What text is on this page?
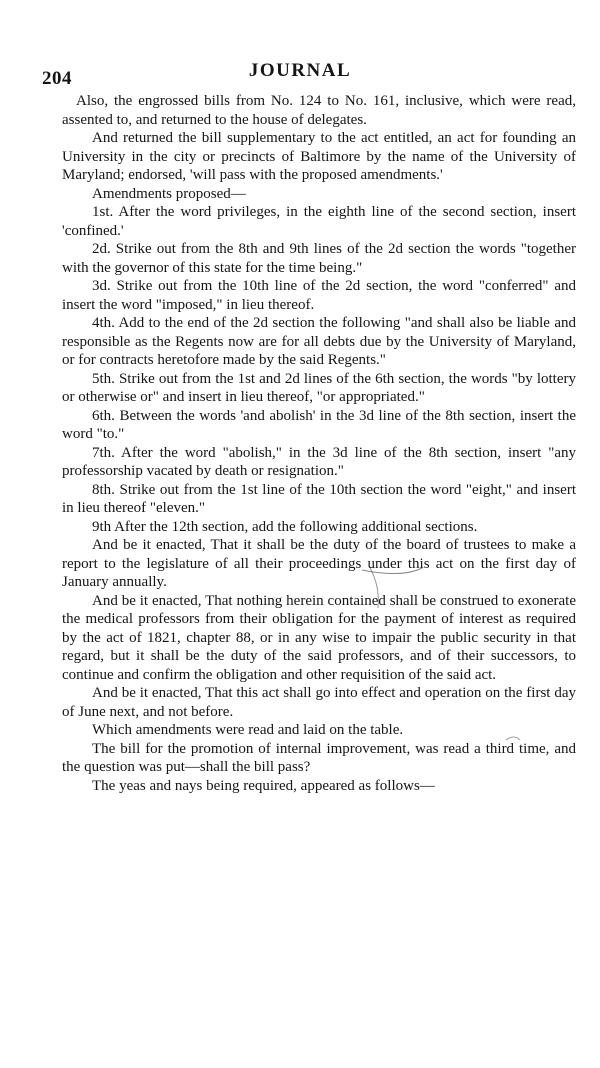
204	JOURNAL

Also, the engrossed bills from No. 124 to No. 161, inclusive, which were read, assented to, and returned to the house of delegates.

And returned the bill supplementary to the act entitled, an act for founding an University in the city or precincts of Baltimore by the name of the University of Maryland; endorsed, 'will pass with the proposed amendments.'

Amendments proposed—

1st. After the word privileges, in the eighth line of the second section, insert 'confined.'

2d. Strike out from the 8th and 9th lines of the 2d section the words "together with the governor of this state for the time being."

3d. Strike out from the 10th line of the 2d section, the word "conferred" and insert the word "imposed," in lieu thereof.

4th. Add to the end of the 2d section the following "and shall also be liable and responsible as the Regents now are for all debts due by the University of Maryland, or for contracts heretofore made by the said Regents."

5th. Strike out from the 1st and 2d lines of the 6th section, the words "by lottery or otherwise or" and insert in lieu thereof, "or appropriated."

6th. Between the words 'and abolish' in the 3d line of the 8th section, insert the word "to."

7th. After the word "abolish," in the 3d line of the 8th section, insert "any professorship vacated by death or resignation."

8th. Strike out from the 1st line of the 10th section the word "eight," and insert in lieu thereof "eleven."

9th After the 12th section, add the following additional sections.

And be it enacted, That it shall be the duty of the board of trustees to make a report to the legislature of all their proceedings under this act on the first day of January annually.

And be it enacted, That nothing herein contained shall be construed to exonerate the medical professors from their obligation for the payment of interest as required by the act of 1821, chapter 88, or in any wise to impair the public security in that regard, but it shall be the duty of the said professors, and of their successors, to continue and confirm the obligation and other requisition of the said act.

And be it enacted, That this act shall go into effect and operation on the first day of June next, and not before.

Which amendments were read and laid on the table.

The bill for the promotion of internal improvement, was read a third time, and the question was put—shall the bill pass?

The yeas and nays being required, appeared as follows—
